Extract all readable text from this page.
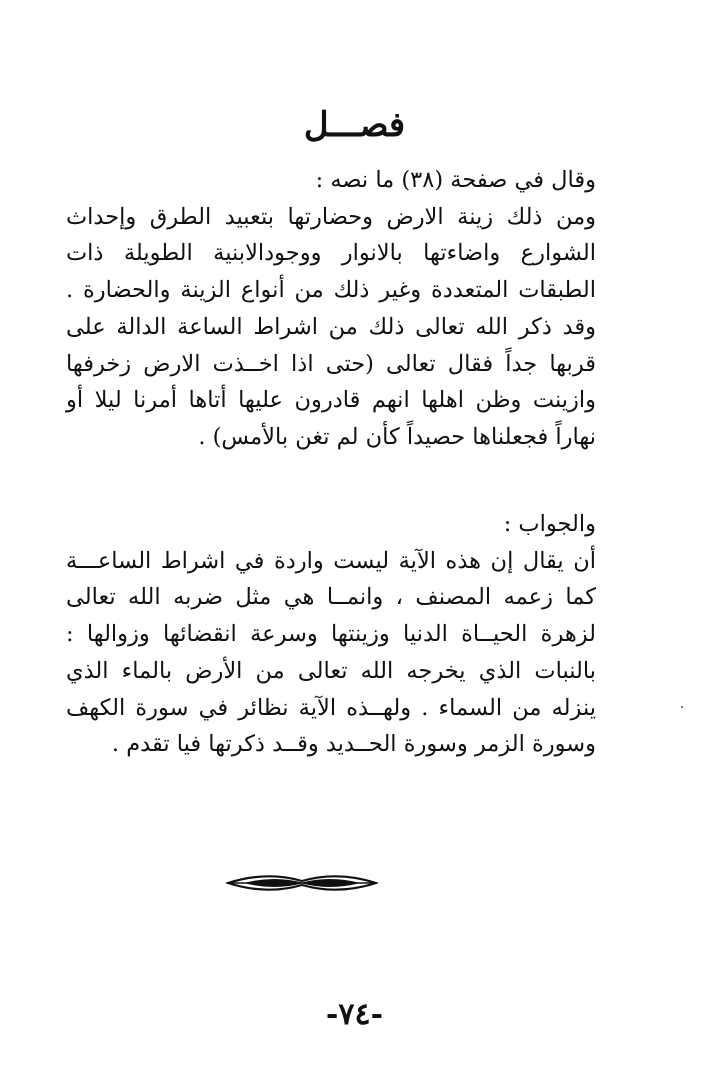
فصـــل

وقال في صفحة (٣٨) ما نصه :

ومن ذلك زينة الارض وحضارتها بتعبيد الطرق وإحداث الشوارع واضاءتها بالانوار ووجودالابنية الطويلة ذات الطبقات المتعددة وغير ذلك من أنواع الزينة والحضارة . وقد ذكر الله تعالى ذلك من اشراط الساعة الدالة على قربها جداً فقال تعالى (حتى اذا اخــذت الارض زخرفها وازينت وظن اهلها انهم قادرون عليها أتاها أمرنا ليلا أو نهاراً فجعلناها حصيداً كأن لم تغن بالأمس) .

والجواب :

أن يقال إن هذه الآية ليست واردة في اشراط الساعـــة كما زعمه المصنف ، وانمــا هي مثل ضربه الله تعالى لزهرة الحيــاة الدنيا وزينتها وسرعة انقضائها وزوالها : بالنبات الذي يخرجه الله تعالى من الأرض بالماء الذي ينزله من السماء . ولهــذه الآية نظائر في سورة الكهف وسورة الزمر وسورة الحــديد وقــد ذكرتها فيا تقدم .

-٧٤-
